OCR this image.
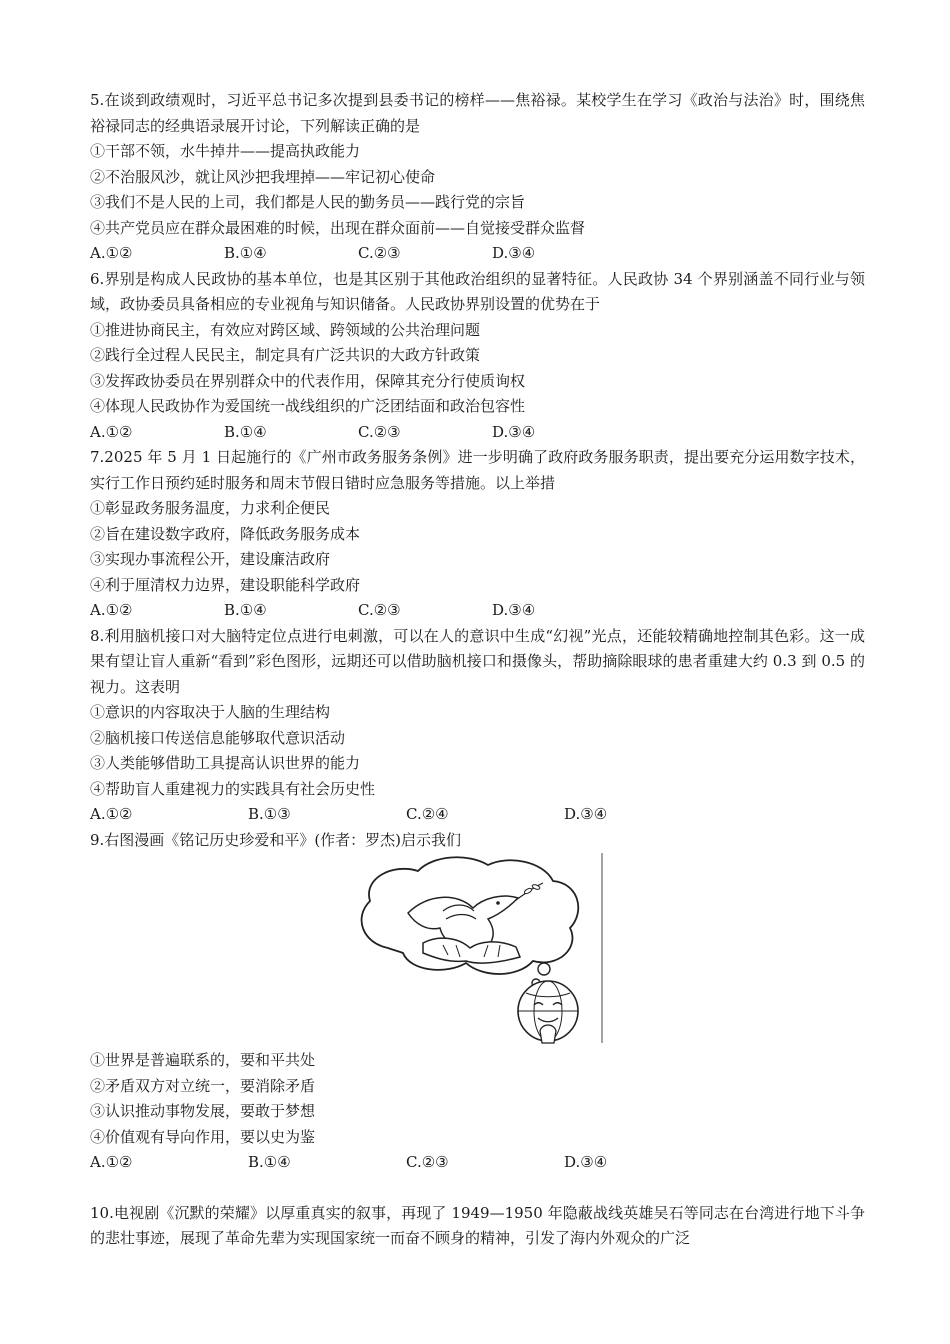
5.在谈到政绩观时，习近平总书记多次提到县委书记的榜样——焦裕禄。某校学生在学习《政治与法治》时，围绕焦裕禄同志的经典语录展开讨论，下列解读正确的是

①干部不领，水牛掉井——提高执政能力

②不治服风沙，就让风沙把我埋掉——牢记初心使命

③我们不是人民的上司，我们都是人民的勤务员——践行党的宗旨

④共产党员应在群众最困难的时候，出现在群众面前——自觉接受群众监督

A.①②	B.①④	C.②③	D.③④

6.界别是构成人民政协的基本单位，也是其区别于其他政治组织的显著特征。人民政协 34 个界别涵盖不同行业与领域，政协委员具备相应的专业视角与知识储备。人民政协界别设置的优势在于

①推进协商民主，有效应对跨区域、跨领域的公共治理问题

②践行全过程人民民主，制定具有广泛共识的大政方针政策

③发挥政协委员在界别群众中的代表作用，保障其充分行使质询权

④体现人民政协作为爱国统一战线组织的广泛团结面和政治包容性

A.①②	B.①④	C.②③	D.③④

7.2025 年 5 月 1 日起施行的《广州市政务服务条例》进一步明确了政府政务服务职责，提出要充分运用数字技术，实行工作日预约延时服务和周末节假日错时应急服务等措施。以上举措

①彰显政务服务温度，力求利企便民

②旨在建设数字政府，降低政务服务成本

③实现办事流程公开，建设廉洁政府

④利于厘清权力边界，建设职能科学政府

A.①②	B.①④	C.②③	D.③④

8.利用脑机接口对大脑特定位点进行电刺激，可以在人的意识中生成“幻视”光点，还能较精确地控制其色彩。这一成果有望让盲人重新“看到”彩色图形，远期还可以借助脑机接口和摄像头，帮助摘除眼球的患者重建大约 0.3 到 0.5 的视力。这表明

①意识的内容取决于人脑的生理结构

②脑机接口传送信息能够取代意识活动

③人类能够借助工具提高认识世界的能力

④帮助盲人重建视力的实践具有社会历史性

A.①②	B.①③	C.②④	D.③④

9.右图漫画《铭记历史珍爱和平》(作者：罗杰)启示我们

①世界是普遍联系的，要和平共处

②矛盾双方对立统一，要消除矛盾

③认识推动事物发展，要敢于梦想

④价值观有导向作用，要以史为鉴

A.①②	B.①④	C.②③	D.③④

10.电视剧《沉默的荣耀》以厚重真实的叙事，再现了 1949—1950 年隐蔽战线英雄吴石等同志在台湾进行地下斗争的悲壮事迹，展现了革命先辈为实现国家统一而奋不顾身的精神，引发了海内外观众的广泛
